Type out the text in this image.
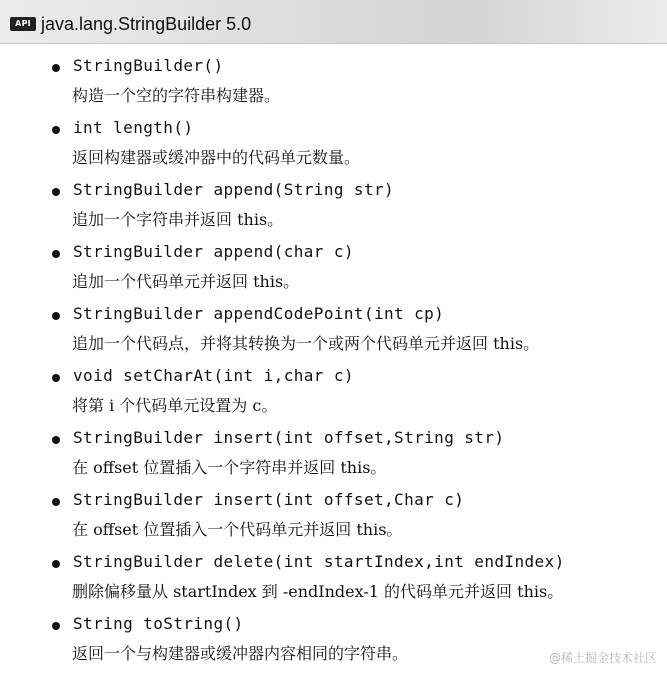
API java.lang.StringBuilder 5.0
StringBuilder()
构造一个空的字符串构建器。
int length()
返回构建器或缓冲器中的代码单元数量。
StringBuilder append(String str)
追加一个字符串并返回 this。
StringBuilder append(char c)
追加一个代码单元并返回 this。
StringBuilder appendCodePoint(int cp)
追加一个代码点，并将其转换为一个或两个代码单元并返回 this。
void setCharAt(int i,char c)
将第 i 个代码单元设置为 c。
StringBuilder insert(int offset,String str)
在 offset 位置插入一个字符串并返回 this。
StringBuilder insert(int offset,Char c)
在 offset 位置插入一个代码单元并返回 this。
StringBuilder delete(int startIndex,int endIndex)
删除偏移量从 startIndex 到 -endIndex-1 的代码单元并返回 this。
String toString()
返回一个与构建器或缓冲器内容相同的字符串。	@稀土掘金技术社区
